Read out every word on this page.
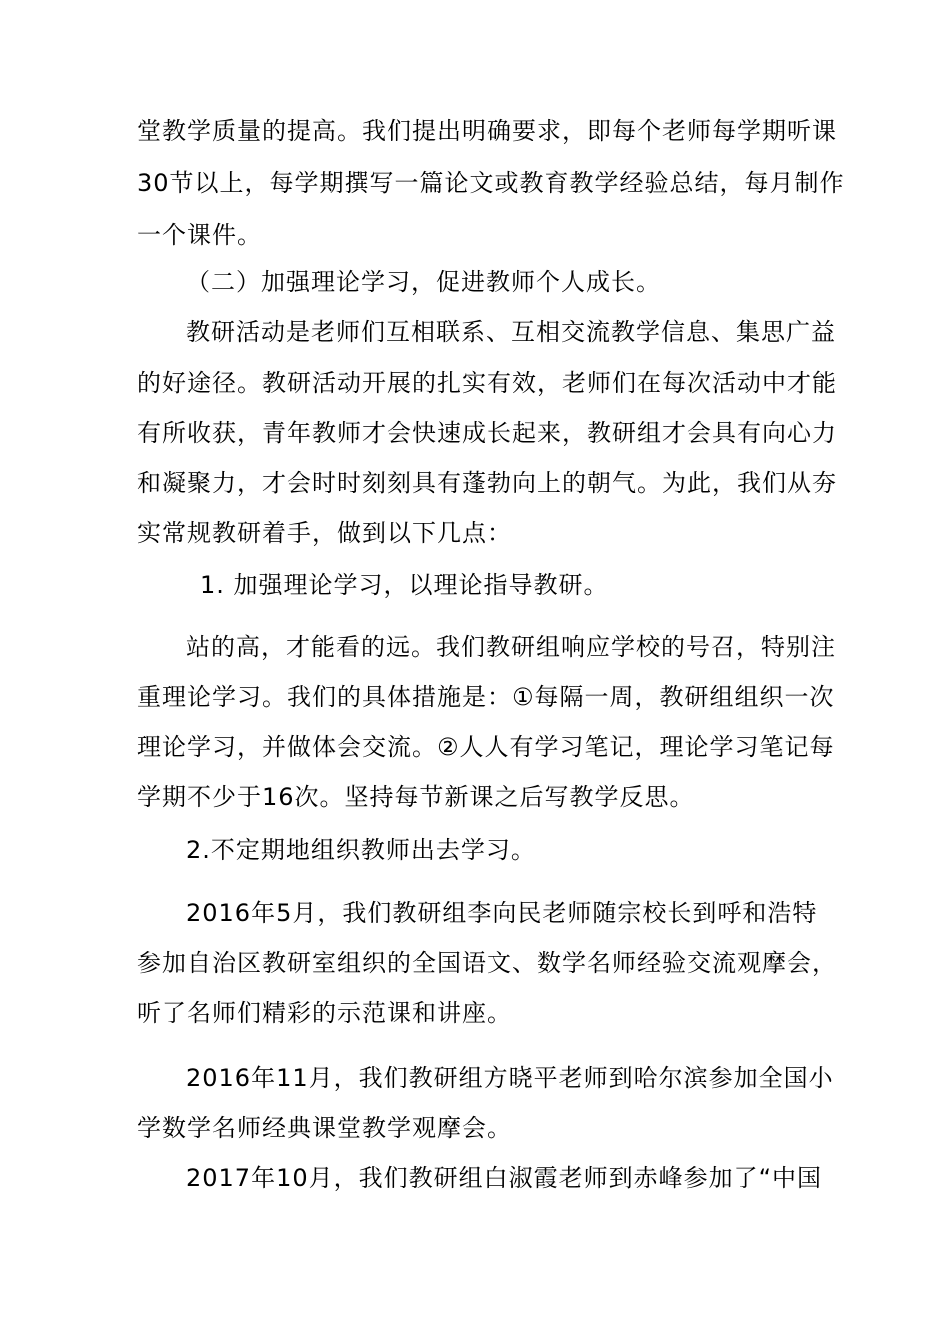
堂教学质量的提高。我们提出明确要求，即每个老师每学期听课
30节以上，每学期撰写一篇论文或教育教学经验总结，每月制作
一个课件。
（二）加强理论学习，促进教师个人成长。
教研活动是老师们互相联系、互相交流教学信息、集思广益
的好途径。教研活动开展的扎实有效，老师们在每次活动中才能
有所收获，青年教师才会快速成长起来，教研组才会具有向心力
和凝聚力，才会时时刻刻具有蓬勃向上的朝气。为此，我们从夯
实常规教研着手，做到以下几点：
1. 加强理论学习，以理论指导教研。
站的高，才能看的远。我们教研组响应学校的号召，特别注
重理论学习。我们的具体措施是：①每隔一周，教研组组织一次
理论学习，并做体会交流。②人人有学习笔记，理论学习笔记每
学期不少于16次。坚持每节新课之后写教学反思。
2.不定期地组织教师出去学习。
2016年5月，我们教研组李向民老师随宗校长到呼和浩特
参加自治区教研室组织的全国语文、数学名师经验交流观摩会，
听了名师们精彩的示范课和讲座。
2016年11月，我们教研组方晓平老师到哈尔滨参加全国小
学数学名师经典课堂教学观摩会。
2017年10月，我们教研组白淑霞老师到赤峰参加了“中国
